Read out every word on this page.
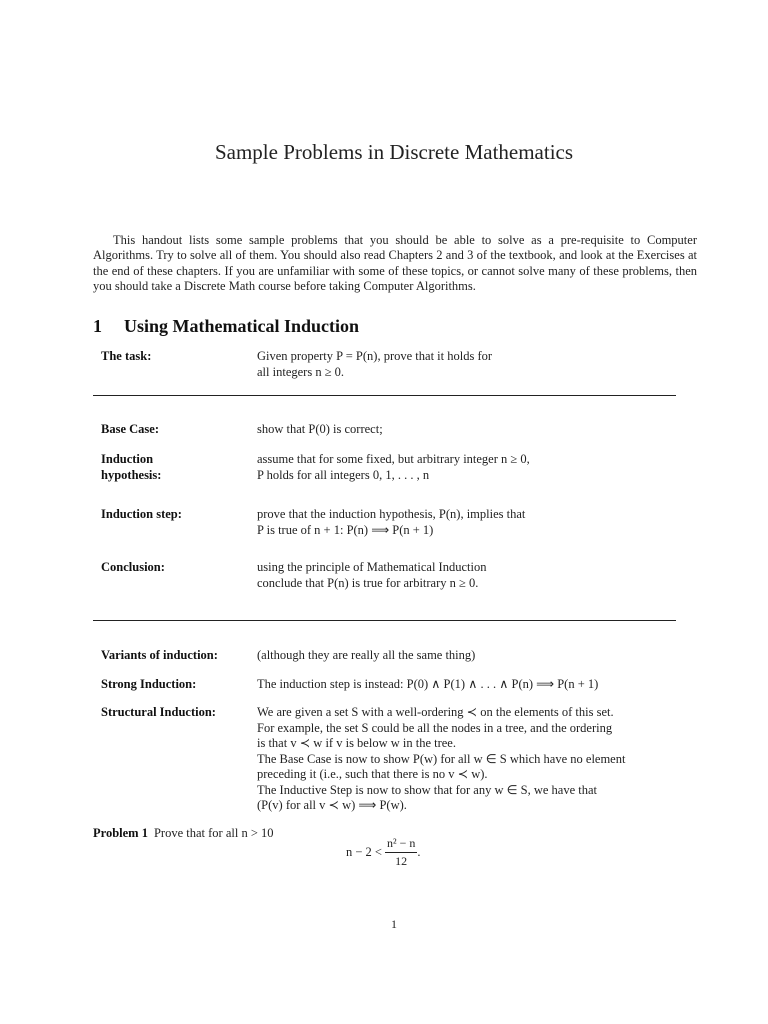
Sample Problems in Discrete Mathematics

This handout lists some sample problems that you should be able to solve as a pre-requisite to Computer Algorithms. Try to solve all of them. You should also read Chapters 2 and 3 of the textbook, and look at the Exercises at the end of these chapters. If you are unfamiliar with some of these topics, or cannot solve many of these problems, then you should take a Discrete Math course before taking Computer Algorithms.

1 Using Mathematical Induction
The task:	Given property P = P(n), prove that it holds for
all integers n ≥ 0.
Base Case:	show that P(0) is correct;
Induction
hypothesis:
assume that for some fixed, but arbitrary integer n ≥ 0,
P holds for all integers 0, 1, . . . , n
Induction step:	prove that the induction hypothesis, P(n), implies that
P is true of n + 1: P(n) ⟹ P(n + 1)
Conclusion:	using the principle of Mathematical Induction
conclude that P(n) is true for arbitrary n ≥ 0.
Variants of induction:	(although they are really all the same thing)
Strong Induction:	The induction step is instead: P(0) ∧ P(1) ∧ . . . ∧ P(n) ⟹ P(n + 1)
Structural Induction:	We are given a set S with a well-ordering ≺ on the elements of this set.
For example, the set S could be all the nodes in a tree, and the ordering
is that v ≺ w if v is below w in the tree.
The Base Case is now to show P(w) for all w ∈ S which have no element
preceding it (i.e., such that there is no v ≺ w).
The Inductive Step is now to show that for any w ∈ S, we have that
(P(v) for all v ≺ w) ⟹ P(w).
Problem 1 Prove that for all n > 10
$n - 2 < \frac{\text{n² − n}}{12}$ .
1
